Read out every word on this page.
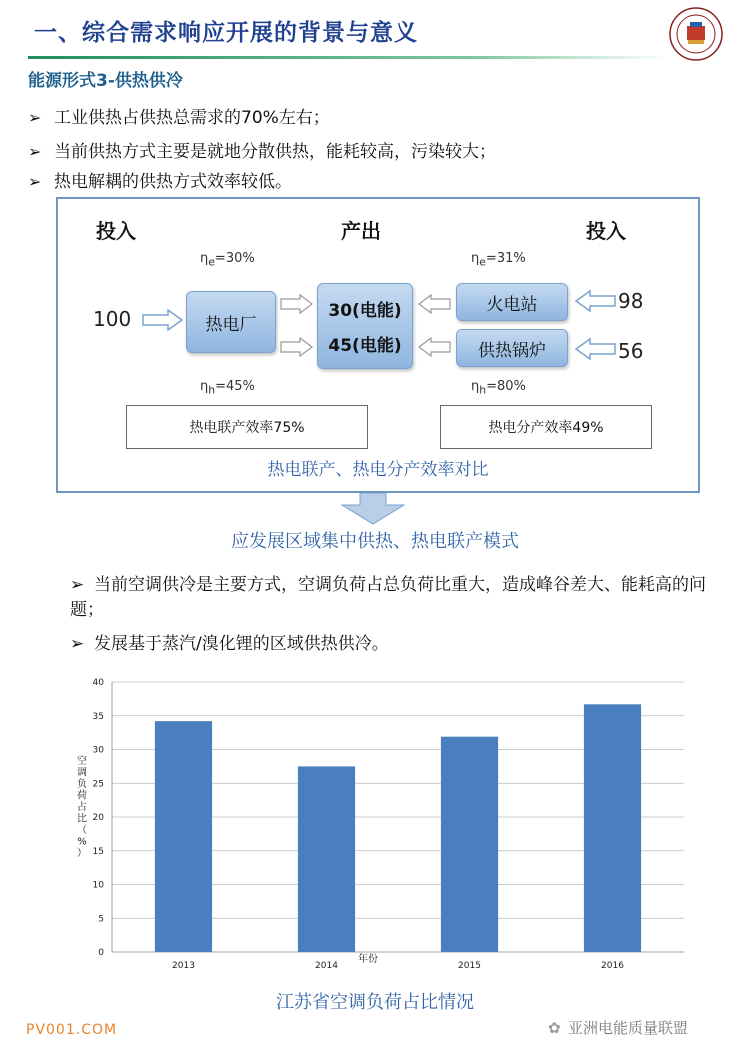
一、综合需求响应开展的背景与意义
能源形式3-供热供冷
➢ 工业供热占供热总需求的70%左右；
➢ 当前供热方式主要是就地分散供热，能耗较高，污染较大；
➢ 热电解耦的供热方式效率较低。
投入	产出	投入
$\eta_e=30\%$
$\eta_h=45\%$
$\eta_e=31\%$
$\eta_h=80\%$
100	热电厂
30(电能)
45(电能)
火电站
供热锅炉
98
56
热电联产效率75%	热电分产效率49%
热电联产、热电分产效率对比
应发展区域集中供热、热电联产模式
➢ 当前空调供冷是主要方式，空调负荷占总负荷比重大，造成峰谷差大、能耗高的问题；
➢ 发展基于蒸汽/溴化锂的区域供热供冷。
0
5
10
15
20
25
30
35
40
2013	2014	2015	2016
年份
空调负荷占比（%）
江苏省空调负荷占比情况
PV001.COM	✿ 亚洲电能质量联盟
